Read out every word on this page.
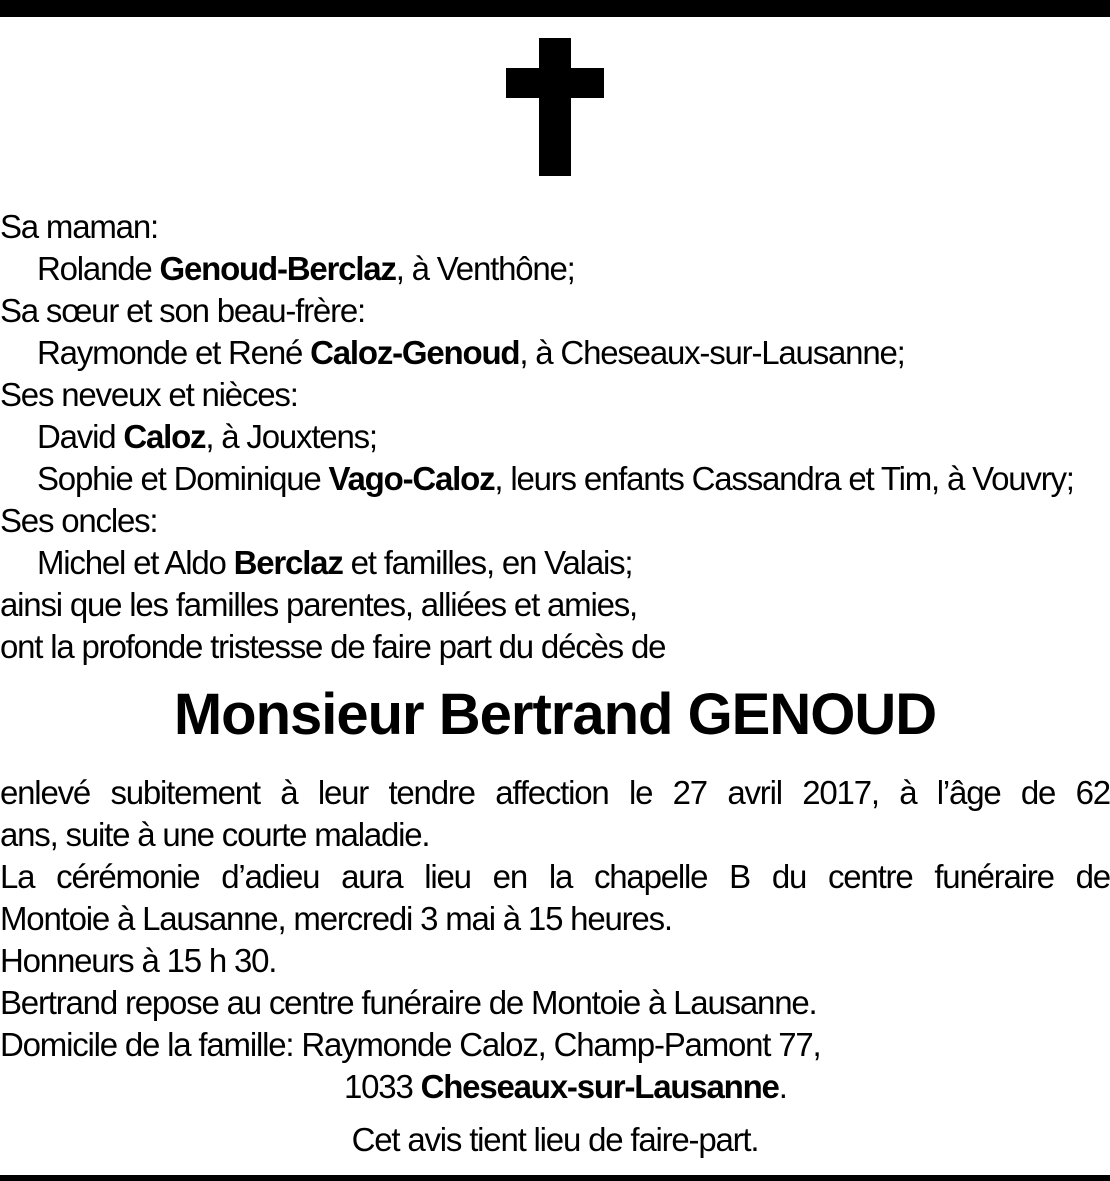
Sa maman:
Rolande Genoud-Berclaz, à Venthône;
Sa sœur et son beau-frère:
Raymonde et René Caloz-Genoud, à Cheseaux-sur-Lausanne;
Ses neveux et nièces:
David Caloz, à Jouxtens;
Sophie et Dominique Vago-Caloz, leurs enfants Cassandra et Tim, à Vouvry;
Ses oncles:
Michel et Aldo Berclaz et familles, en Valais;
ainsi que les familles parentes, alliées et amies,
ont la profonde tristesse de faire part du décès de
Monsieur Bertrand GENOUD
enlevé subitement à leur tendre affection le 27 avril 2017, à l’âge de 62
ans, suite à une courte maladie.
La cérémonie d’adieu aura lieu en la chapelle B du centre funéraire de
Montoie à Lausanne, mercredi 3 mai à 15 heures.
Honneurs à 15 h 30.
Bertrand repose au centre funéraire de Montoie à Lausanne.
Domicile de la famille: Raymonde Caloz, Champ-Pamont 77,
1033 Cheseaux-sur-Lausanne.
Cet avis tient lieu de faire-part.
